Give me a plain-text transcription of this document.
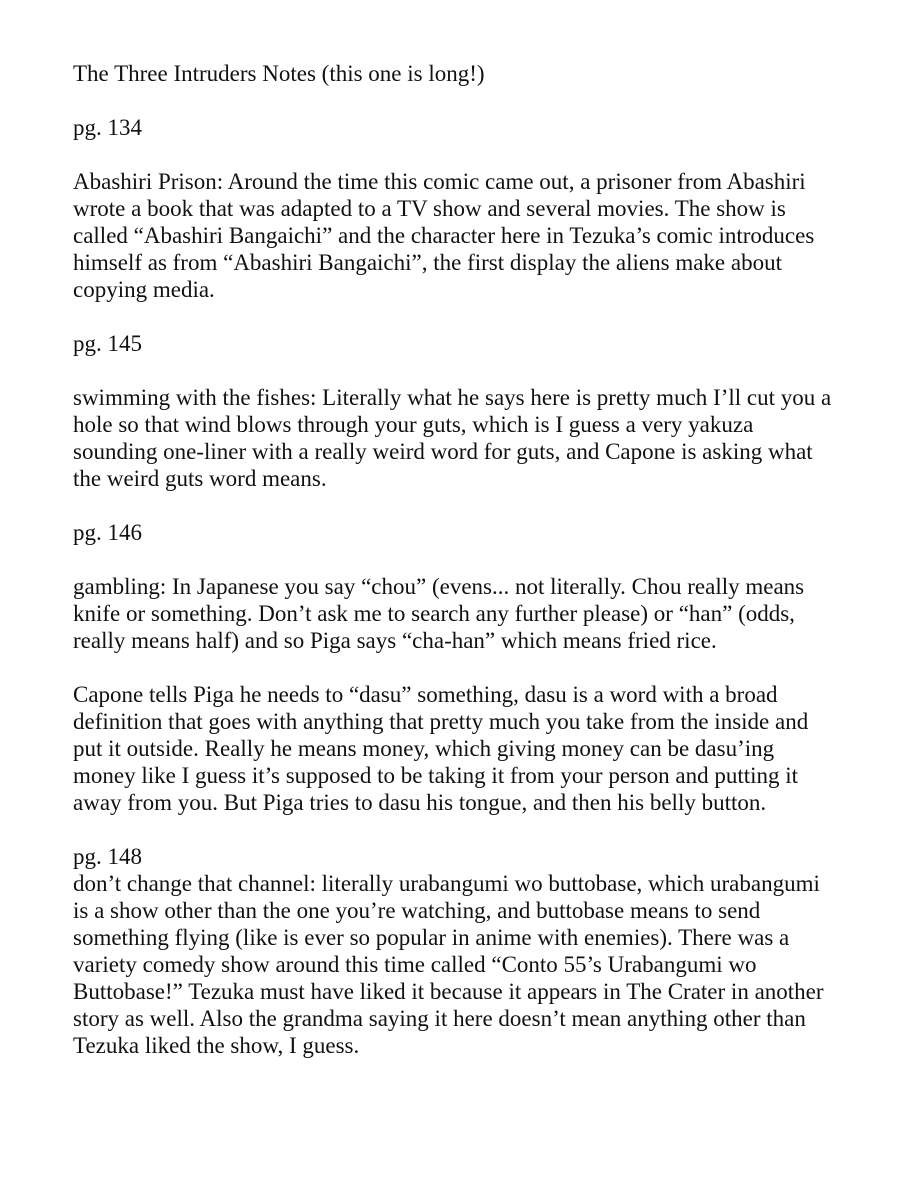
The Three Intruders Notes (this one is long!)

pg. 134

Abashiri Prison: Around the time this comic came out, a prisoner from Abashiri wrote a book that was adapted to a TV show and several movies. The show is called “Abashiri Bangaichi” and the character here in Tezuka’s comic introduces himself as from “Abashiri Bangaichi”, the first display the aliens make about copying media.

pg. 145

swimming with the fishes: Literally what he says here is pretty much I’ll cut you a hole so that wind blows through your guts, which is I guess a very yakuza sounding one-liner with a really weird word for guts, and Capone is asking what the weird guts word means.

pg. 146

gambling: In Japanese you say “chou” (evens... not literally. Chou really means knife or something. Don’t ask me to search any further please) or “han” (odds, really means half) and so Piga says “cha-han” which means fried rice.

Capone tells Piga he needs to “dasu” something, dasu is a word with a broad definition that goes with anything that pretty much you take from the inside and put it outside. Really he means money, which giving money can be dasu’ing money like I guess it’s supposed to be taking it from your person and putting it away from you. But Piga tries to dasu his tongue, and then his belly button.

pg. 148

don’t change that channel: literally urabangumi wo buttobase, which urabangumi is a show other than the one you’re watching, and buttobase means to send something flying (like is ever so popular in anime with enemies). There was a variety comedy show around this time called “Conto 55’s Urabangumi wo Buttobase!” Tezuka must have liked it because it appears in The Crater in another story as well. Also the grandma saying it here doesn’t mean anything other than Tezuka liked the show, I guess.
